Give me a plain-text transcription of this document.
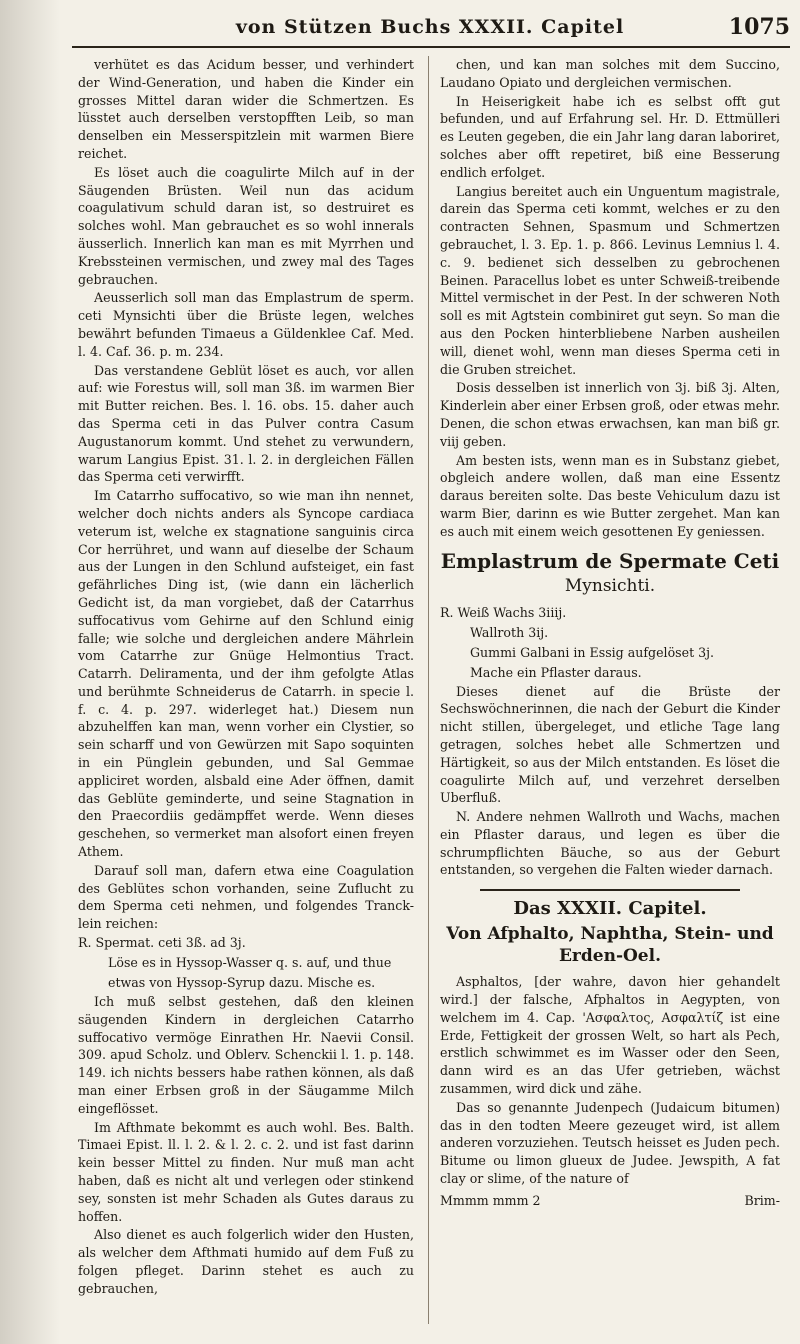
von Stützen Buchs XXXII. Capitel	1075

verhütet es das Acidum besser, und verhindert der Wind-Generation, und haben die Kinder ein grosses Mittel daran wider die Schmertzen. Es lüsstet auch derselben verstopfften Leib, so man denselben ein Messerspitzlein mit warmen Biere reichet.

Es löset auch die coagulirte Milch auf in der Säugenden Brüsten. Weil nun das acidum coagulativum schuld daran ist, so destruiret es solches wohl. Man gebrauchet es so wohl innerals äusserlich. Innerlich kan man es mit Myrrhen und Krebssteinen vermischen, und zwey mal des Tages gebrauchen.

Aeusserlich soll man das Emplastrum de sperm. ceti Mynsichti über die Brüste legen, welches bewährt befunden Timaeus a Güldenklee Caf. Med. l. 4. Caf. 36. p. m. 234.

Das verstandene Geblüt löset es auch, vor allen auf: wie Forestus will, soll man 3ß. im warmen Bier mit Butter reichen. Bes. l. 16. obs. 15. daher auch das Sperma ceti in das Pulver contra Casum Augustanorum kommt. Und stehet zu verwundern, warum Langius Epist. 31. l. 2. in dergleichen Fällen das Sperma ceti verwirfft.

Im Catarrho suffocativo, so wie man ihn nennet, welcher doch nichts anders als Syncope cardiaca veterum ist, welche ex stagnatione sanguinis circa Cor herrühret, und wann auf dieselbe der Schaum aus der Lungen in den Schlund aufsteiget, ein fast gefährliches Ding ist, (wie dann ein lächerlich Gedicht ist, da man vorgiebet, daß der Catarrhus suffocativus vom Gehirne auf den Schlund einig falle; wie solche und dergleichen andere Mährlein vom Catarrhe zur Gnüge Helmontius Tract. Catarrh. Deliramenta, und der ihm gefolgte Atlas und berühmte Schneiderus de Catarrh. in specie l. f. c. 4. p. 297. widerleget hat.) Diesem nun abzuhelffen kan man, wenn vorher ein Clystier, so sein scharff und von Gewürzen mit Sapo soquinten in ein Pünglein gebunden, und Sal Gemmae appliciret worden, alsbald eine Ader öffnen, damit das Geblüte geminderte, und seine Stagnation in den Praecordiis gedämpffet werde. Wenn dieses geschehen, so vermerket man alsofort einen freyen Athem.

Darauf soll man, dafern etwa eine Coagulation des Geblütes schon vorhanden, seine Zuflucht zu dem Sperma ceti nehmen, und folgendes Tranck-lein reichen:

R. Spermat. ceti 3ß. ad 3j.

Löse es in Hyssop-Wasser q. s. auf, und thue etwas von Hyssop-Syrup dazu. Mische es.

Ich muß selbst gestehen, daß den kleinen säugenden Kindern in dergleichen Catarrho suffocativo vermöge Einrathen Hr. Naevii Consil. 309. apud Scholz. und Oblerv. Schenckii l. 1. p. 148. 149. ich nichts bessers habe rathen können, als daß man einer Erbsen groß in der Säugamme Milch eingeflösset.

Im Afthmate bekommt es auch wohl. Bes. Balth. Timaei Epist. ll. l. 2. & l. 2. c. 2. und ist fast darinn kein besser Mittel zu finden. Nur muß man acht haben, daß es nicht alt und verlegen oder stinkend sey, sonsten ist mehr Schaden als Gutes daraus zu hoffen.

Also dienet es auch folgerlich wider den Husten, als welcher dem Afthmati humido auf dem Fuß zu folgen pfleget. Darinn stehet es auch zu gebrauchen,

chen, und kan man solches mit dem Succino, Laudano Opiato und dergleichen vermischen.

In Heiserigkeit habe ich es selbst offt gut befunden, und auf Erfahrung sel. Hr. D. Ettmülleri es Leuten gegeben, die ein Jahr lang daran laboriret, solches aber offt repetiret, biß eine Besserung endlich erfolget.

Langius bereitet auch ein Unguentum magistrale, darein das Sperma ceti kommt, welches er zu den contracten Sehnen, Spasmum und Schmertzen gebrauchet, l. 3. Ep. 1. p. 866. Levinus Lemnius l. 4. c. 9. bedienet sich desselben zu gebrochenen Beinen. Paracellus lobet es unter Schweiß-treibende Mittel vermischet in der Pest. In der schweren Noth soll es mit Agtstein combiniret gut seyn. So man die aus den Pocken hinterbliebene Narben ausheilen will, dienet wohl, wenn man dieses Sperma ceti in die Gruben streichet.

Dosis desselben ist innerlich von 3j. biß 3j. Alten, Kinderlein aber einer Erbsen groß, oder etwas mehr. Denen, die schon etwas erwachsen, kan man biß gr. viij geben.

Am besten ists, wenn man es in Substanz giebet, obgleich andere wollen, daß man eine Essentz daraus bereiten solte. Das beste Vehiculum dazu ist warm Bier, darinn es wie Butter zergehet. Man kan es auch mit einem weich gesottenen Ey geniessen.

Emplastrum de Spermate Ceti
Mynsichti.

R. Weiß Wachs 3iiij.

Wallroth 3ij.

Gummi Galbani in Essig aufgelöset 3j.

Mache ein Pflaster daraus.

Dieses dienet auf die Brüste der Sechswöchnerinnen, die nach der Geburt die Kinder nicht stillen, übergeleget, und etliche Tage lang getragen, solches hebet alle Schmertzen und Härtigkeit, so aus der Milch entstanden. Es löset die coagulirte Milch auf, und verzehret derselben Uberfluß.

N. Andere nehmen Wallroth und Wachs, machen ein Pflaster daraus, und legen es über die schrumpflichten Bäuche, so aus der Geburt entstanden, so vergehen die Falten wieder darnach.

Das XXXII. Capitel.
Von Afphalto, Naphtha, Stein- und Erden-Oel.

Asphaltos, [der wahre, davon hier gehandelt wird.] der falsche, Afphaltos in Aegypten, von welchem im 4. Cap. 'Ασφαλτος, Ασφαλτίζ ist eine Erde, Fettigkeit der grossen Welt, so hart als Pech, erstlich schwimmet es im Wasser oder den Seen, dann wird es an das Ufer getrieben, wächst zusammen, wird dick und zähe.

Das so genannte Judenpech (Judaicum bitumen) das in den todten Meere gezeuget wird, ist allem anderen vorzuziehen. Teutsch heisset es Juden pech. Bitume ou limon glueux de Judee. Jewspith, A fat clay or slime, of the nature of

Mmmm mmm 2	Brim-
